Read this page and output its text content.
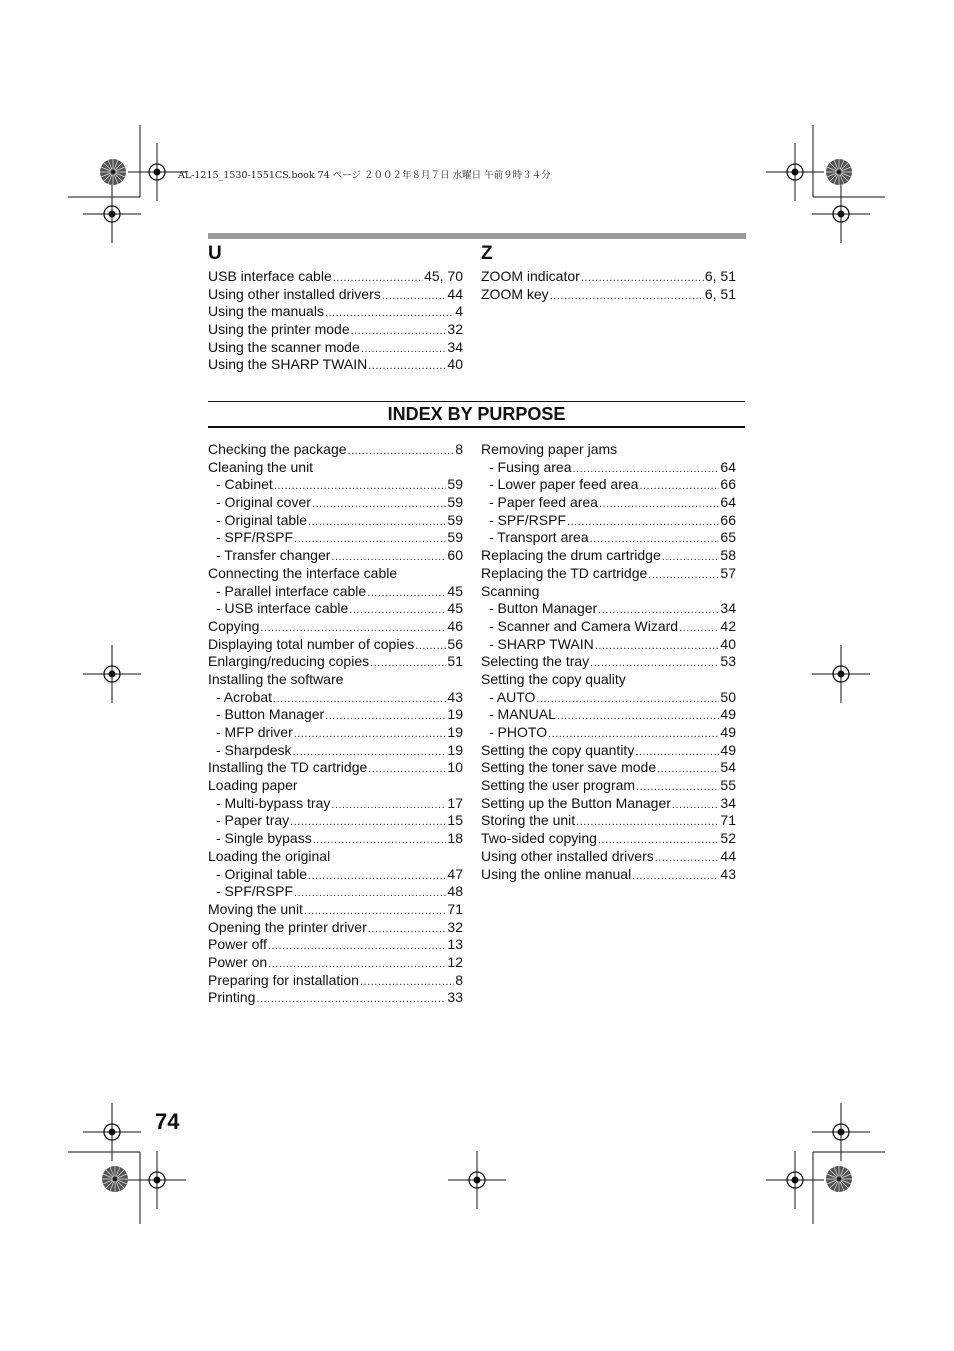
AL-1215_1530-1551CS.book 74 ページ ２００２年８月７日 水曜日 午前９時３４分
U
USB interface cable .....	45, 70
Using other installed drivers .....	44
Using the manuals .....	4
Using the printer mode .....	32
Using the scanner mode .....	34
Using the SHARP TWAIN .....	40
Z
ZOOM indicator .....	6, 51
ZOOM key .....	6, 51
INDEX BY PURPOSE
Checking the package .....	8
Cleaning the unit
- Cabinet .....	59
- Original cover .....	59
- Original table .....	59
- SPF/RSPF .....	59
- Transfer changer .....	60
Connecting the interface cable
- Parallel interface cable .....	45
- USB interface cable .....	45
Copying .....	46
Displaying total number of copies ..... 56
Enlarging/reducing copies .....	51
Installing the software
- Acrobat .....	43
- Button Manager .....	19
- MFP driver .....	19
- Sharpdesk .....	19
Installing the TD cartridge .....	10
Loading paper
- Multi-bypass tray .....	17
- Paper tray .....	15
- Single bypass .....	18
Loading the original
- Original table .....	47
- SPF/RSPF .....	48
Moving the unit .....	71
Opening the printer driver .....	32
Power off .....	13
Power on .....	12
Preparing for installation .....	8
Printing .....	33
Removing paper jams
- Fusing area .....	64
- Lower paper feed area .....	66
- Paper feed area .....	64
- SPF/RSPF .....	66
- Transport area .....	65
Replacing the drum cartridge .....	58
Replacing the TD cartridge .....	57
Scanning
- Button Manager .....	34
- Scanner and Camera Wizard .....	42
- SHARP TWAIN .....	40
Selecting the tray .....	53
Setting the copy quality
- AUTO .....	50
- MANUAL .....	49
- PHOTO .....	49
Setting the copy quantity .....	49
Setting the toner save mode .....	54
Setting the user program .....	55
Setting up the Button Manager .....	34
Storing the unit .....	71
Two-sided copying .....	52
Using other installed drivers .....	44
Using the online manual .....	43
74
